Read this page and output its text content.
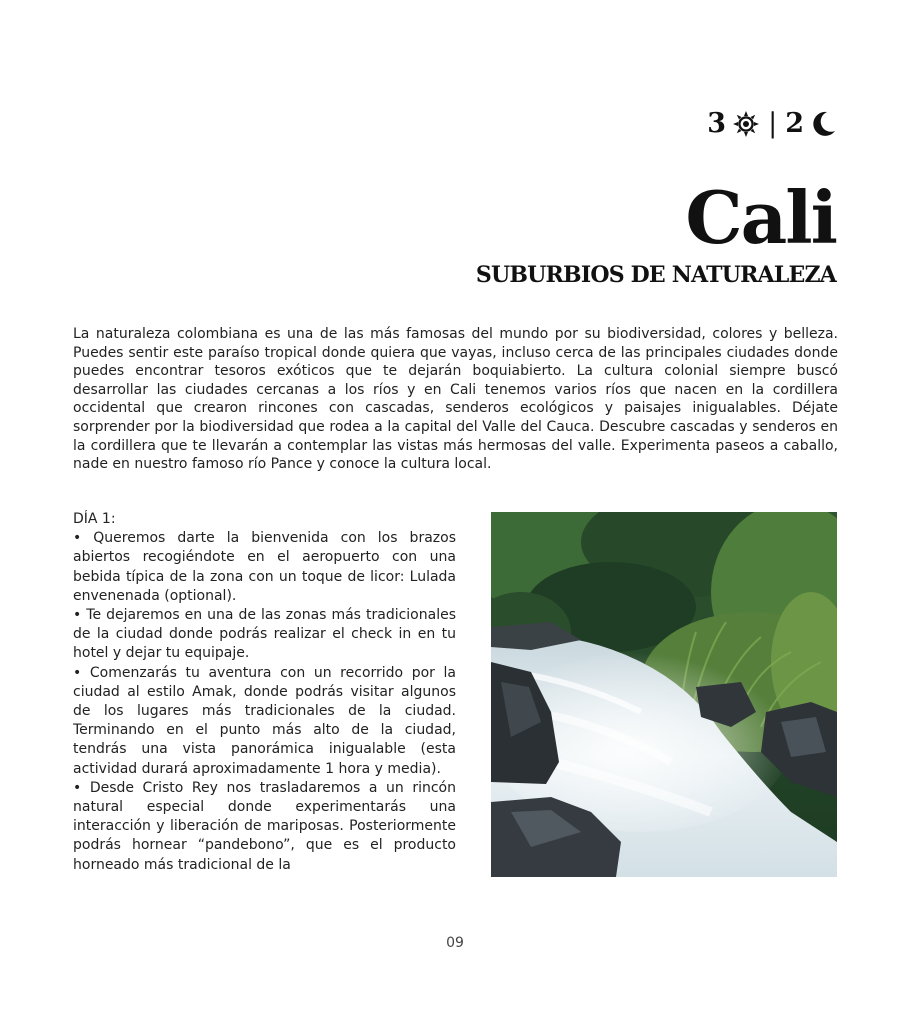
3 | 2
Cali
SUBURBIOS DE NATURALEZA

La naturaleza colombiana es una de las más famosas del mundo por su biodiversidad, colores y belleza. Puedes sentir este paraíso tropical donde quiera que vayas, incluso cerca de las principales ciudades donde puedes encontrar tesoros exóticos que te dejarán boquiabierto. La cultura colonial siempre buscó desarrollar las ciudades cercanas a los ríos y en Cali tenemos varios ríos que nacen en la cordillera occidental que crearon rincones con cascadas, senderos ecológicos y paisajes inigualables. Déjate sorprender por la biodiversidad que rodea a la capital del Valle del Cauca. Descubre cascadas y senderos en la cordillera que te llevarán a contemplar las vistas más hermosas del valle. Experimenta paseos a caballo, nade en nuestro famoso río Pance y conoce la cultura local.

DÍA 1:

• Queremos darte la bienvenida con los brazos abiertos recogiéndote en el aeropuerto con una bebida típica de la zona con un toque de licor: Lulada envenenada (optional).

• Te dejaremos en una de las zonas más tradicionales de la ciudad donde podrás realizar el check in en tu hotel y dejar tu equipaje.

• Comenzarás tu aventura con un recorrido por la ciudad al estilo Amak, donde podrás visitar algunos de los lugares más tradicionales de la ciudad. Terminando en el punto más alto de la ciudad, tendrás una vista panorámica inigualable (esta actividad durará aproximadamente 1 hora y media).

• Desde Cristo Rey nos trasladaremos a un rincón natural especial donde experimentarás una interacción y liberación de mariposas. Posteriormente podrás hornear “pandebono”, que es el producto horneado más tradicional de la

09
